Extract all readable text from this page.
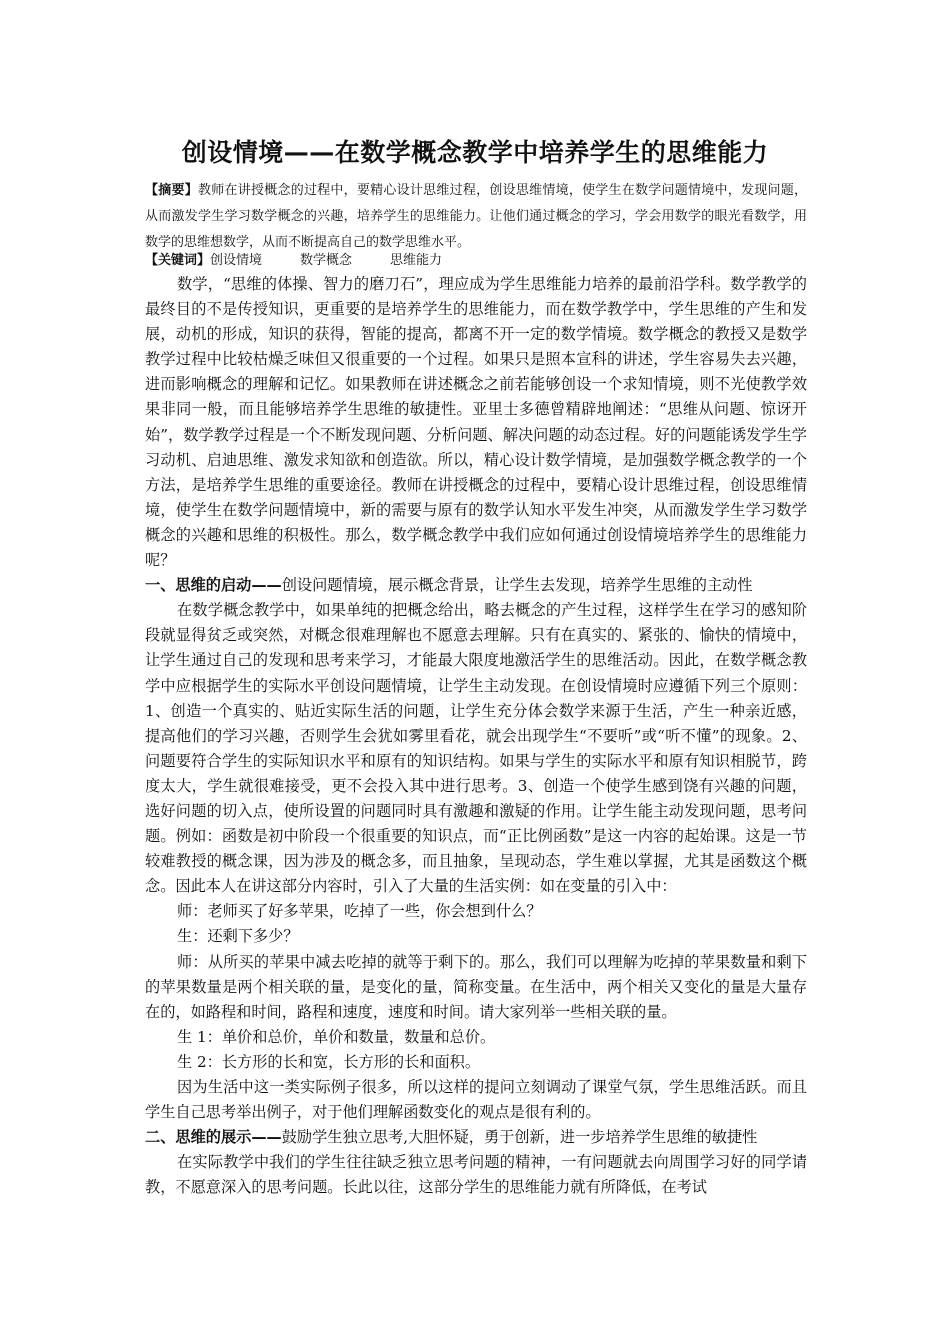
创设情境——在数学概念教学中培养学生的思维能力
【摘要】教师在讲授概念的过程中，要精心设计思维过程，创设思维情境，使学生在数学问题情境中，发现问题，从而激发学生学习数学概念的兴趣，培养学生的思维能力。让他们通过概念的学习，学会用数学的眼光看数学，用数学的思维想数学，从而不断提高自己的数学思维水平。
【关键词】创设情境	数学概念	思维能力

数学，“思维的体操、智力的磨刀石”，理应成为学生思维能力培养的最前沿学科。数学教学的最终目的不是传授知识，更重要的是培养学生的思维能力，而在数学教学中，学生思维的产生和发展，动机的形成，知识的获得，智能的提高，都离不开一定的数学情境。数学概念的教授又是数学教学过程中比较枯燥乏味但又很重要的一个过程。如果只是照本宣科的讲述，学生容易失去兴趣，进而影响概念的理解和记忆。如果教师在讲述概念之前若能够创设一个求知情境，则不光使教学效果非同一般，而且能够培养学生思维的敏捷性。亚里士多德曾精辟地阐述：“思维从问题、惊讶开始”，数学教学过程是一个不断发现问题、分析问题、解决问题的动态过程。好的问题能诱发学生学习动机、启迪思维、激发求知欲和创造欲。所以，精心设计数学情境，是加强数学概念教学的一个方法，是培养学生思维的重要途径。教师在讲授概念的过程中，要精心设计思维过程，创设思维情境，使学生在数学问题情境中，新的需要与原有的数学认知水平发生冲突，从而激发学生学习数学概念的兴趣和思维的积极性。那么，数学概念教学中我们应如何通过创设情境培养学生的思维能力呢？

一、思维的启动——创设问题情境，展示概念背景，让学生去发现，培养学生思维的主动性

在数学概念教学中，如果单纯的把概念给出，略去概念的产生过程，这样学生在学习的感知阶段就显得贫乏或突然，对概念很难理解也不愿意去理解。只有在真实的、紧张的、愉快的情境中，让学生通过自己的发现和思考来学习，才能最大限度地激活学生的思维活动。因此，在数学概念教学中应根据学生的实际水平创设问题情境，让学生主动发现。在创设情境时应遵循下列三个原则：1、创造一个真实的、贴近实际生活的问题，让学生充分体会数学来源于生活，产生一种亲近感，提高他们的学习兴趣，否则学生会犹如雾里看花，就会出现学生“不要听”或“听不懂”的现象。2、问题要符合学生的实际知识水平和原有的知识结构。如果与学生的实际水平和原有知识相脱节，跨度太大，学生就很难接受，更不会投入其中进行思考。3、创造一个使学生感到饶有兴趣的问题，选好问题的切入点，使所设置的问题同时具有激趣和激疑的作用。让学生能主动发现问题，思考问题。例如：函数是初中阶段一个很重要的知识点，而“正比例函数”是这一内容的起始课。这是一节较难教授的概念课，因为涉及的概念多，而且抽象，呈现动态，学生难以掌握，尤其是函数这个概念。因此本人在讲这部分内容时，引入了大量的生活实例：如在变量的引入中：

师：老师买了好多苹果，吃掉了一些，你会想到什么？

生：还剩下多少？

师：从所买的苹果中减去吃掉的就等于剩下的。那么，我们可以理解为吃掉的苹果数量和剩下的苹果数量是两个相关联的量，是变化的量，简称变量。在生活中，两个相关又变化的量是大量存在的，如路程和时间，路程和速度，速度和时间。请大家列举一些相关联的量。

生 1：单价和总价，单价和数量，数量和总价。

生 2：长方形的长和宽，长方形的长和面积。

因为生活中这一类实际例子很多，所以这样的提问立刻调动了课堂气氛，学生思维活跃。而且学生自己思考举出例子，对于他们理解函数变化的观点是很有利的。

二、思维的展示——鼓励学生独立思考,大胆怀疑，勇于创新，进一步培养学生思维的敏捷性

在实际教学中我们的学生往往缺乏独立思考问题的精神，一有问题就去向周围学习好的同学请教，不愿意深入的思考问题。长此以往，这部分学生的思维能力就有所降低，在考试
